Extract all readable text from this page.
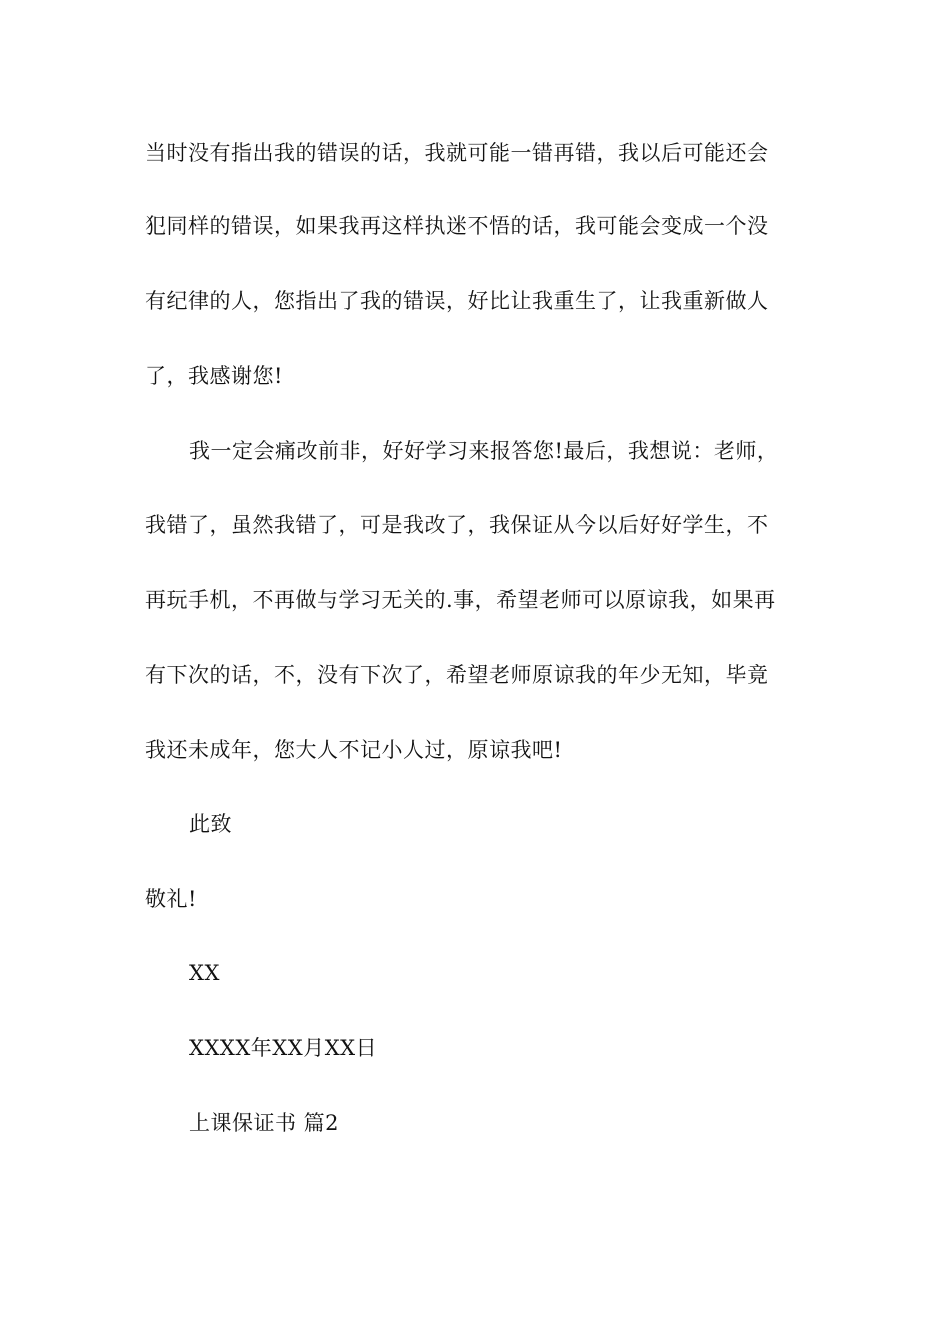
当时没有指出我的错误的话，我就可能一错再错，我以后可能还会
犯同样的错误，如果我再这样执迷不悟的话，我可能会变成一个没
有纪律的人，您指出了我的错误，好比让我重生了，让我重新做人
了，我感谢您!
我一定会痛改前非，好好学习来报答您!最后，我想说：老师，
我错了，虽然我错了，可是我改了，我保证从今以后好好学生，不
再玩手机，不再做与学习无关的.事，希望老师可以原谅我，如果再
有下次的话，不，没有下次了，希望老师原谅我的年少无知，毕竟
我还未成年，您大人不记小人过，原谅我吧!
此致
敬礼!
XX
XXXX年XX月XX日
上课保证书 篇2
